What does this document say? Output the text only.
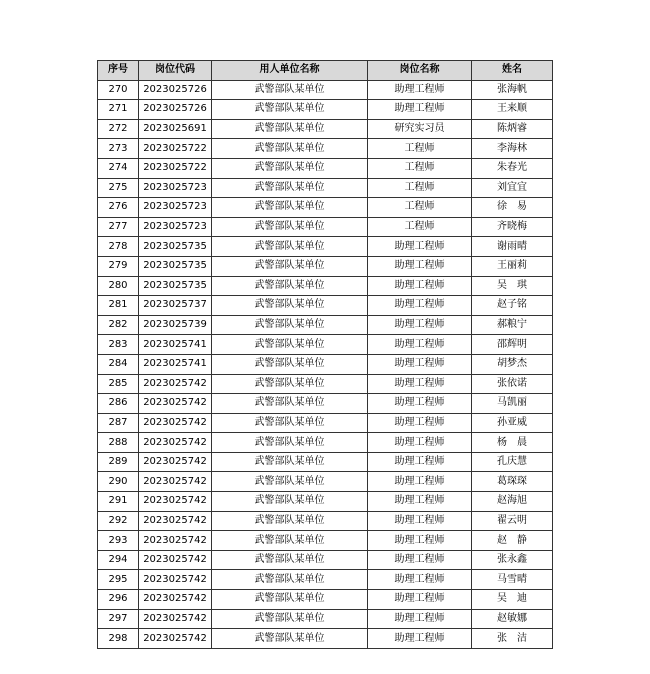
序号	岗位代码	用人单位名称	岗位名称	姓名
270	2023025726	武警部队某单位	助理工程师	张海帆
271	2023025726	武警部队某单位	助理工程师	王来顺
272	2023025691	武警部队某单位	研究实习员	陈炳睿
273	2023025722	武警部队某单位	工程师	李海林
274	2023025722	武警部队某单位	工程师	朱春光
275	2023025723	武警部队某单位	工程师	刘宜宜
276	2023025723	武警部队某单位	工程师	徐　易
277	2023025723	武警部队某单位	工程师	齐晓梅
278	2023025735	武警部队某单位	助理工程师	谢雨晴
279	2023025735	武警部队某单位	助理工程师	王丽莉
280	2023025735	武警部队某单位	助理工程师	吴　琪
281	2023025737	武警部队某单位	助理工程师	赵子铭
282	2023025739	武警部队某单位	助理工程师	郝粮宁
283	2023025741	武警部队某单位	助理工程师	邵辉明
284	2023025741	武警部队某单位	助理工程师	胡梦杰
285	2023025742	武警部队某单位	助理工程师	张依诺
286	2023025742	武警部队某单位	助理工程师	马凯丽
287	2023025742	武警部队某单位	助理工程师	孙亚威
288	2023025742	武警部队某单位	助理工程师	杨　晨
289	2023025742	武警部队某单位	助理工程师	孔庆慧
290	2023025742	武警部队某单位	助理工程师	葛琛琛
291	2023025742	武警部队某单位	助理工程师	赵海旭
292	2023025742	武警部队某单位	助理工程师	翟云明
293	2023025742	武警部队某单位	助理工程师	赵　静
294	2023025742	武警部队某单位	助理工程师	张永鑫
295	2023025742	武警部队某单位	助理工程师	马雪晴
296	2023025742	武警部队某单位	助理工程师	吴　迪
297	2023025742	武警部队某单位	助理工程师	赵敏娜
298	2023025742	武警部队某单位	助理工程师	张　洁
